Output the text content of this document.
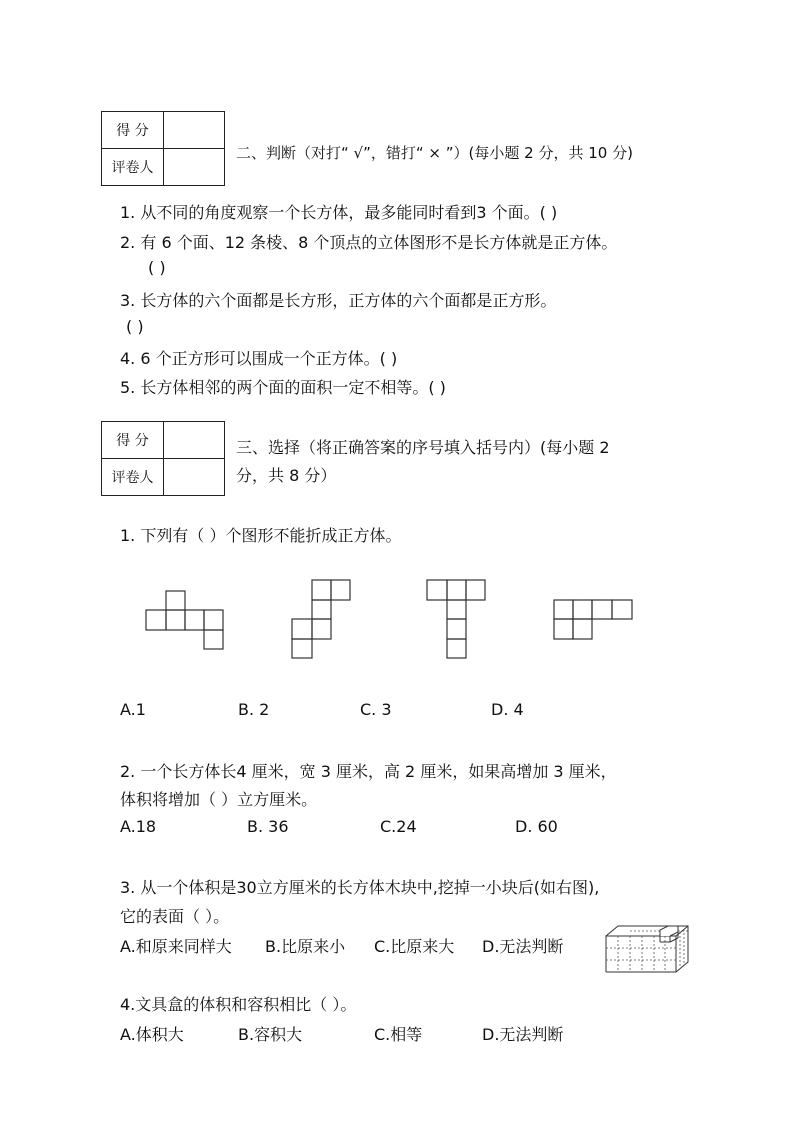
得 分	
评卷人	
二、判断（对打“ √”，错打“ × ”）(每小题 2 分，共 10 分)
1. 从不同的角度观察一个长方体，最多能同时看到3 个面。( )
2. 有 6 个面、12 条棱、8 个顶点的立体图形不是长方体就是正方体。
( )
3. 长方体的六个面都是长方形，正方体的六个面都是正方形。
( )
4. 6 个正方形可以围成一个正方体。( )
5. 长方体相邻的两个面的面积一定不相等。( )
得 分	
评卷人	
三、选择（将正确答案的序号填入括号内）(每小题 2
分，共 8 分）
1. 下列有（ ）个图形不能折成正方体。
A.1	B. 2	C. 3	D. 4
2. 一个长方体长4 厘米，宽 3 厘米，高 2 厘米，如果高增加 3 厘米，
体积将增加（ ）立方厘米。
A.18	B. 36	C.24	D. 60
3. 从一个体积是30立方厘米的长方体木块中,挖掉一小块后(如右图),
它的表面（ ）。
A.和原来同样大 B.比原来小 C.比原来大 D.无法判断
4.文具盒的体积和容积相比（ ）。
A.体积大	B.容积大	C.相等	D.无法判断
